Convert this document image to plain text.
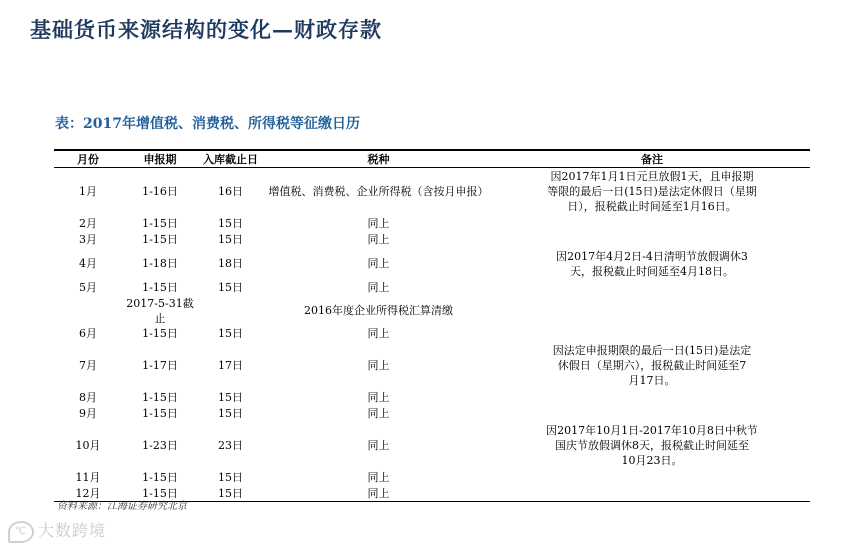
基础货币来源结构的变化—财政存款
表：2017年增值税、消费税、所得税等征缴日历
月份	申报期	入库截止日	税种	备注
1月	1-16日	16日	增值税、消费税、企业所得税（含按月申报）	因2017年1月1日元旦放假1天，且申报期
等限的最后一日(15日)是法定休假日（星期
日），报税截止时间延至1月16日。

2月	1-15日	15日	同上	
3月	1-15日	15日	同上	
4月	1-18日	18日	同上	因2017年4月2日-4日清明节放假调休3
天，报税截止时间延至4月18日。

5月	1-15日	15日	同上	
	2017-5-31截止		2016年度企业所得税汇算清缴	
6月	1-15日	15日	同上	
7月	1-17日	17日	同上	因法定申报期限的最后一日(15日)是法定
休假日（星期六），报税截止时间延至7
月17日。

8月	1-15日	15日	同上	
9月	1-15日	15日	同上	
10月	1-23日	23日	同上	因2017年10月1日-2017年10月8日中秋节
国庆节放假调休8天，报税截止时间延至
10月23日。

11月	1-15日	15日	同上	
12月	1-15日	15日	同上	
资料来源：江海证券研究北京
℃ 大数跨境
